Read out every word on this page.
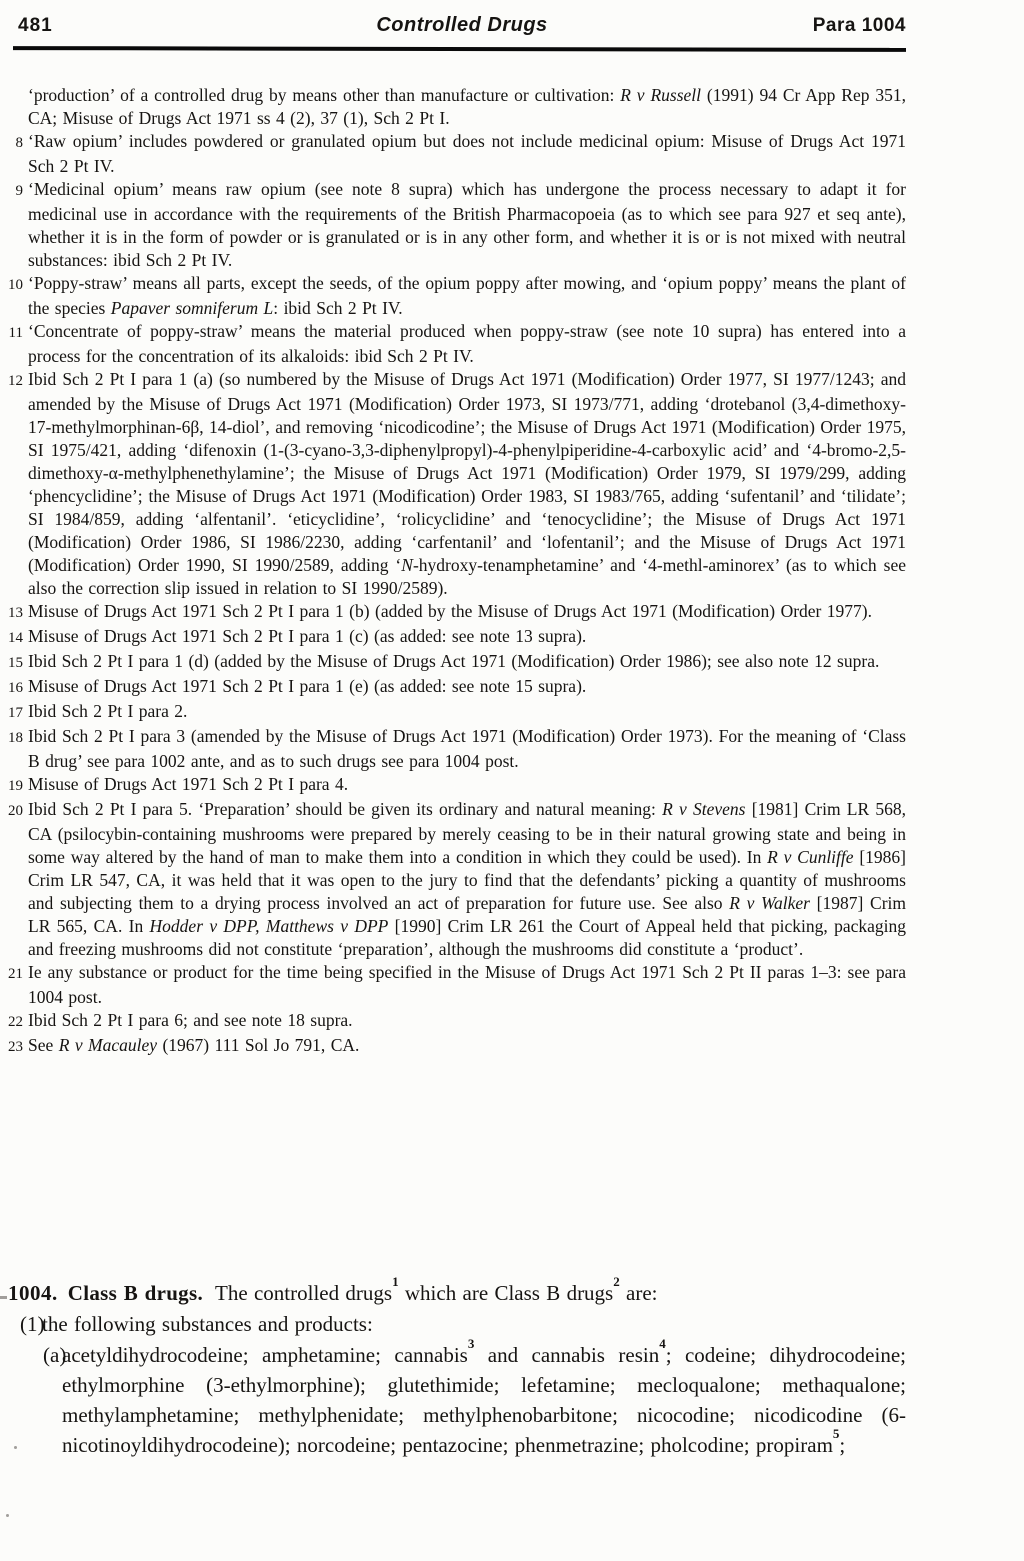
481	Controlled Drugs	Para 1004
‘production’ of a controlled drug by means other than manufacture or cultivation: R v Russell (1991) 94 Cr App Rep 351, CA; Misuse of Drugs Act 1971 ss 4 (2), 37 (1), Sch 2 Pt I.
8 ‘Raw opium’ includes powdered or granulated opium but does not include medicinal opium: Misuse of Drugs Act 1971 Sch 2 Pt IV.
9 ‘Medicinal opium’ means raw opium (see note 8 supra) which has undergone the process necessary to adapt it for medicinal use in accordance with the requirements of the British Pharmacopoeia (as to which see para 927 et seq ante), whether it is in the form of powder or is granulated or is in any other form, and whether it is or is not mixed with neutral substances: ibid Sch 2 Pt IV.
10 ‘Poppy-straw’ means all parts, except the seeds, of the opium poppy after mowing, and ‘opium poppy’ means the plant of the species Papaver somniferum L: ibid Sch 2 Pt IV.
11 ‘Concentrate of poppy-straw’ means the material produced when poppy-straw (see note 10 supra) has entered into a process for the concentration of its alkaloids: ibid Sch 2 Pt IV.
12 Ibid Sch 2 Pt I para 1 (a) (so numbered by the Misuse of Drugs Act 1971 (Modification) Order 1977, SI 1977/1243; and amended by the Misuse of Drugs Act 1971 (Modification) Order 1973, SI 1973/771, adding ‘drotebanol (3,4-dimethoxy-17-methylmorphinan-6β, 14-diol’, and removing ‘nicodicodine’; the Misuse of Drugs Act 1971 (Modification) Order 1975, SI 1975/421, adding ‘difenoxin (1-(3-cyano-3,3-diphenylpropyl)-4-phenylpiperidine-4-carboxylic acid’ and ‘4-bromo-2,5-dimethoxy-α-methylphenethylamine’; the Misuse of Drugs Act 1971 (Modification) Order 1979, SI 1979/299, adding ‘phencyclidine’; the Misuse of Drugs Act 1971 (Modification) Order 1983, SI 1983/765, adding ‘sufentanil’ and ‘tilidate’; SI 1984/859, adding ‘alfentanil’. ‘eticyclidine’, ‘rolicyclidine’ and ‘tenocyclidine’; the Misuse of Drugs Act 1971 (Modification) Order 1986, SI 1986/2230, adding ‘carfentanil’ and ‘lofentanil’; and the Misuse of Drugs Act 1971 (Modification) Order 1990, SI 1990/2589, adding ‘N-hydroxy-tenamphetamine’ and ‘4-methl-aminorex’ (as to which see also the correction slip issued in relation to SI 1990/2589).
13 Misuse of Drugs Act 1971 Sch 2 Pt I para 1 (b) (added by the Misuse of Drugs Act 1971 (Modification) Order 1977).
14 Misuse of Drugs Act 1971 Sch 2 Pt I para 1 (c) (as added: see note 13 supra).
15 Ibid Sch 2 Pt I para 1 (d) (added by the Misuse of Drugs Act 1971 (Modification) Order 1986); see also note 12 supra.
16 Misuse of Drugs Act 1971 Sch 2 Pt I para 1 (e) (as added: see note 15 supra).
17 Ibid Sch 2 Pt I para 2.
18 Ibid Sch 2 Pt I para 3 (amended by the Misuse of Drugs Act 1971 (Modification) Order 1973). For the meaning of ‘Class B drug’ see para 1002 ante, and as to such drugs see para 1004 post.
19 Misuse of Drugs Act 1971 Sch 2 Pt I para 4.
20 Ibid Sch 2 Pt I para 5. ‘Preparation’ should be given its ordinary and natural meaning: R v Stevens [1981] Crim LR 568, CA (psilocybin-containing mushrooms were prepared by merely ceasing to be in their natural growing state and being in some way altered by the hand of man to make them into a condition in which they could be used). In R v Cunliffe [1986] Crim LR 547, CA, it was held that it was open to the jury to find that the defendants’ picking a quantity of mushrooms and subjecting them to a drying process involved an act of preparation for future use. See also R v Walker [1987] Crim LR 565, CA. In Hodder v DPP, Matthews v DPP [1990] Crim LR 261 the Court of Appeal held that picking, packaging and freezing mushrooms did not constitute ‘preparation’, although the mushrooms did constitute a ‘product’.
21 Ie any substance or product for the time being specified in the Misuse of Drugs Act 1971 Sch 2 Pt II paras 1–3: see para 1004 post.
22 Ibid Sch 2 Pt I para 6; and see note 18 supra.
23 See R v Macauley (1967) 111 Sol Jo 791, CA.

1004. Class B drugs. The controlled drugs$^1$ which are Class B drugs$^2$ are:

(1)the following substances and products:
(a)acetyldihydrocodeine; amphetamine; cannabis$^3$ and cannabis resin$^4$; codeine; dihydrocodeine; ethylmorphine (3-ethylmorphine); glutethimide; lefetamine; mecloqualone; methaqualone; methylamphetamine; methylphenidate; methylphenobarbitone; nicocodine; nicodicodine (6-nicotinoyldihydrocodeine); norcodeine; pentazocine; phenmetrazine; pholcodine; propiram$^5$;
